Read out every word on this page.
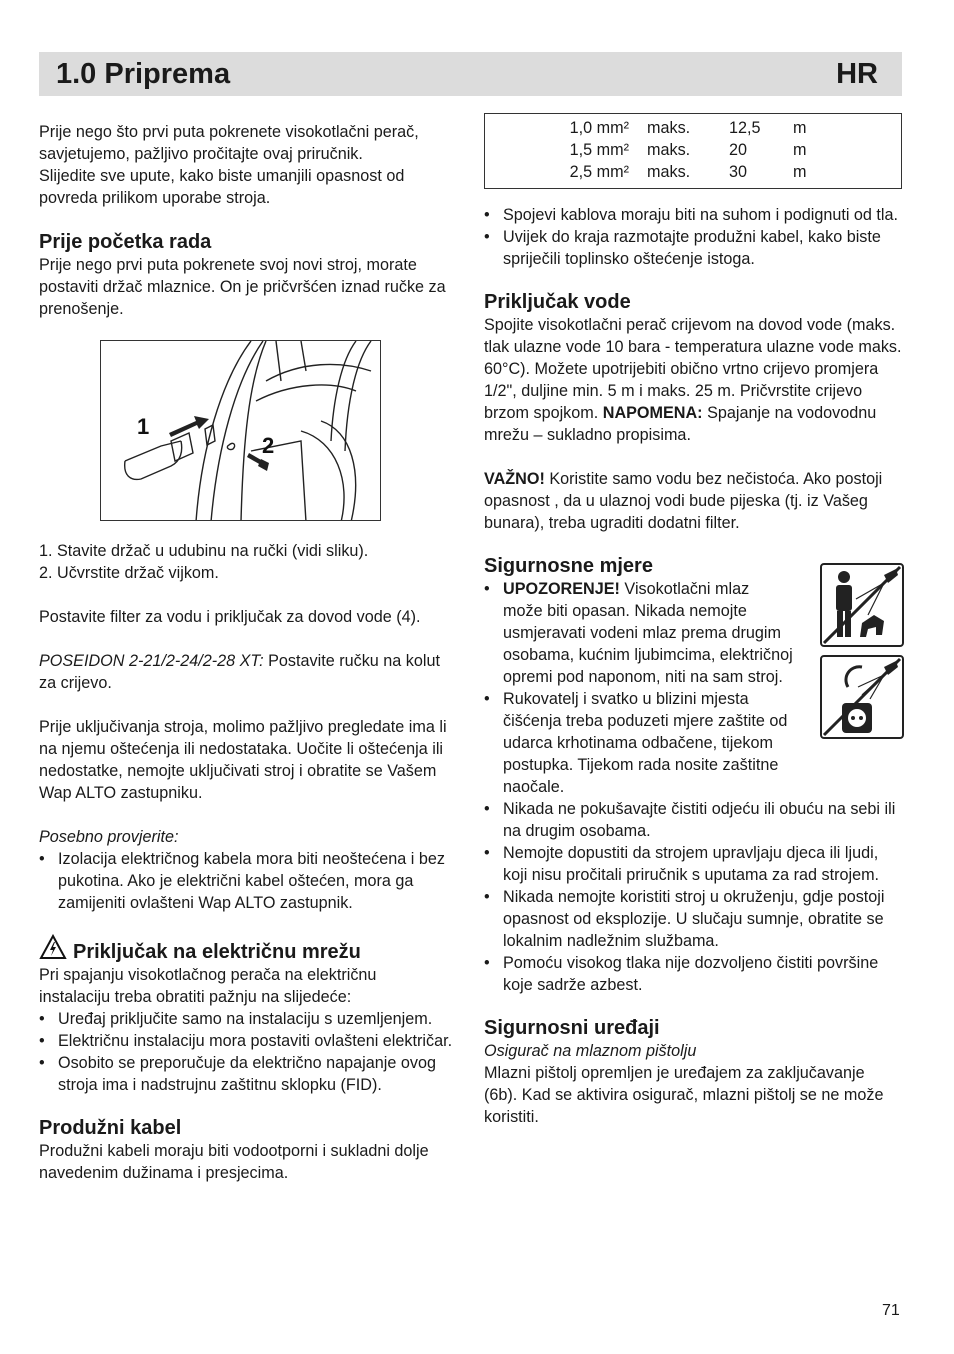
1.0 Priprema	HR

Prije nego što prvi puta pokrenete visokotlačni perač, savjetujemo, pažljivo pročitajte ovaj priručnik. Slijedite sve upute, kako biste umanjili opasnost od povreda prilikom uporabe stroja.

Prije početka rada

Prije nego prvi puta pokrenete svoj novi stroj, morate postaviti držač mlaznice. On je pričvršćen iznad ručke za prenošenje.

1
2
1. Stavite držač u udubinu na ručki (vidi sliku).
2. Učvrstite držač vijkom.

Postavite filter za vodu i priključak za dovod vode (4).

POSEIDON 2-21/2-24/2-28 XT: Postavite ručku na kolut za crijevo.

Prije uključivanja stroja, molimo pažljivo pregledate ima li na njemu oštećenja ili nedostataka. Uočite li oštećenja ili nedostatke, nemojte uključivati stroj i obratite se Vašem Wap ALTO zastupniku.

Posebno provjerite:

• Izolacija električnog kabela mora biti neoštećena i bez pukotina. Ako je električni kabel oštećen, mora ga zamijeniti ovlašteni Wap ALTO zastupnik.
Priključak na električnu mrežu

Pri spajanju visokotlačnog perača na električnu instalaciju treba obratiti pažnju na slijedeće:

• Uređaj priključite samo na instalaciju s uzemljenjem.
• Električnu instalaciju mora postaviti ovlašteni električar.
• Osobito se preporučuje da električno napajanje ovog stroja ima i nadstrujnu zaštitnu sklopku (FID).
Produžni kabel

Produžni kabeli moraju biti vodootporni i sukladni dolje navedenim dužinama i presjecima.

1,0 mm²	maks.	12,5	m
1,5 mm²	maks.	20	m
2,5 mm²	maks.	30	m
• Spojevi kablova moraju biti na suhom i podignuti od tla.
• Uvijek do kraja razmotajte produžni kabel, kako biste spriječili toplinsko oštećenje istoga.
Priključak vode

Spojite visokotlačni perač crijevom na dovod vode (maks. tlak ulazne vode 10 bara - temperatura ulazne vode maks. 60°C). Možete upotrijebiti obično vrtno crijevo promjera 1/2", duljine min. 5 m i maks. 25 m. Pričvrstite crijevo brzom spojkom. NAPOMENA: Spajanje na vodovodnu mrežu – sukladno propisima.

VAŽNO! Koristite samo vodu bez nečistoća. Ako postoji opasnost , da u ulaznoj vodi bude pijeska (tj. iz Vašeg bunara), treba ugraditi dodatni filter.

Sigurnosne mjere
• UPOZORENJE! Visokotlačni mlaz može biti opasan. Nikada nemojte usmjeravati vodeni mlaz prema drugim osobama, kućnim ljubimcima, električnoj opremi pod naponom, niti na sam stroj.
• Rukovatelj i svatko u blizini mjesta čišćenja treba poduzeti mjere zaštite od udarca krhotinama odbačene, tijekom postupka. Tijekom rada nosite zaštitne naočale.
• Nikada ne pokušavajte čistiti odjeću ili obuću na sebi ili na drugim osobama.
• Nemojte dopustiti da strojem upravljaju djeca ili ljudi, koji nisu pročitali priručnik s uputama za rad strojem.
• Nikada nemojte koristiti stroj u okruženju, gdje postoji opasnost od eksplozije. U slučaju sumnje, obratite se lokalnim nadležnim službama.
• Pomoću visokog tlaka nije dozvoljeno čistiti površine koje sadrže azbest.
Sigurnosni uređaji

Osigurač na mlaznom pištolju

Mlazni pištolj opremljen je uređajem za zaključavanje (6b). Kad se aktivira osigurač, mlazni pištolj se ne može koristiti.

71
